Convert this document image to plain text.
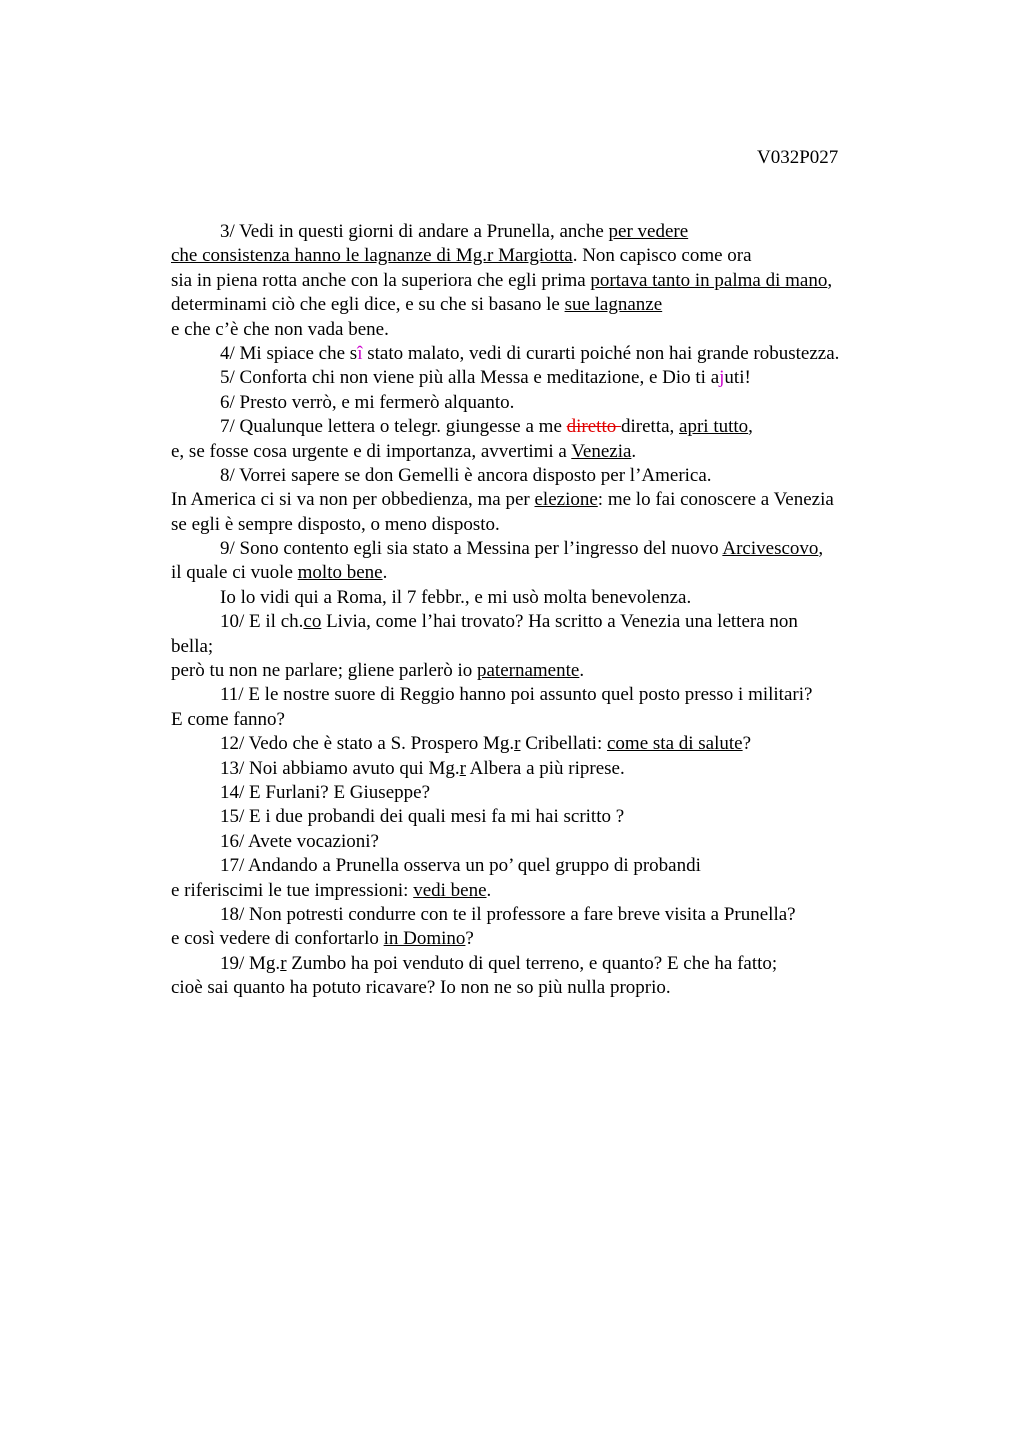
V032P027
3/ Vedi in questi giorni di andare a Prunella, anche per vedere
che consistenza hanno le lagnanze di Mg.r Margiotta. Non capisco come ora
sia in piena rotta anche con la superiora che egli prima portava tanto in palma di mano,
determinami ciò che egli dice, e su che si basano le sue lagnanze
e che c’è che non vada bene.
4/ Mi spiace che sî stato malato, vedi di curarti poiché non hai grande robustezza.
5/ Conforta chi non viene più alla Messa e meditazione, e Dio ti ajuti!
6/ Presto verrò, e mi fermerò alquanto.
7/ Qualunque lettera o telegr. giungesse a me diretto diretta, apri tutto,
e, se fosse cosa urgente e di importanza, avvertimi a Venezia.
8/ Vorrei sapere se don Gemelli è ancora disposto per l’America.
In America ci si va non per obbedienza, ma per elezione: me lo fai conoscere a Venezia
se egli è sempre disposto, o meno disposto.
9/ Sono contento egli sia stato a Messina per l’ingresso del nuovo Arcivescovo,
il quale ci vuole molto bene.
Io lo vidi qui a Roma, il 7 febbr., e mi usò molta benevolenza.
10/ E il ch.co Livia, come l’hai trovato? Ha scritto a Venezia una lettera non
bella;
però tu non ne parlare; gliene parlerò io paternamente.
11/ E le nostre suore di Reggio hanno poi assunto quel posto presso i militari?
E come fanno?
12/ Vedo che è stato a S. Prospero Mg.r Cribellati: come sta di salute?
13/ Noi abbiamo avuto qui Mg.r Albera a più riprese.
14/ E Furlani? E Giuseppe?
15/ E i due probandi dei quali mesi fa mi hai scritto ?
16/ Avete vocazioni?
17/ Andando a Prunella osserva un po’ quel gruppo di probandi
e riferiscimi le tue impressioni: vedi bene.
18/ Non potresti condurre con te il professore a fare breve visita a Prunella?
e così vedere di confortarlo in Domino?
19/ Mg.r Zumbo ha poi venduto di quel terreno, e quanto? E che ha fatto;
cioè sai quanto ha potuto ricavare? Io non ne so più nulla proprio.
